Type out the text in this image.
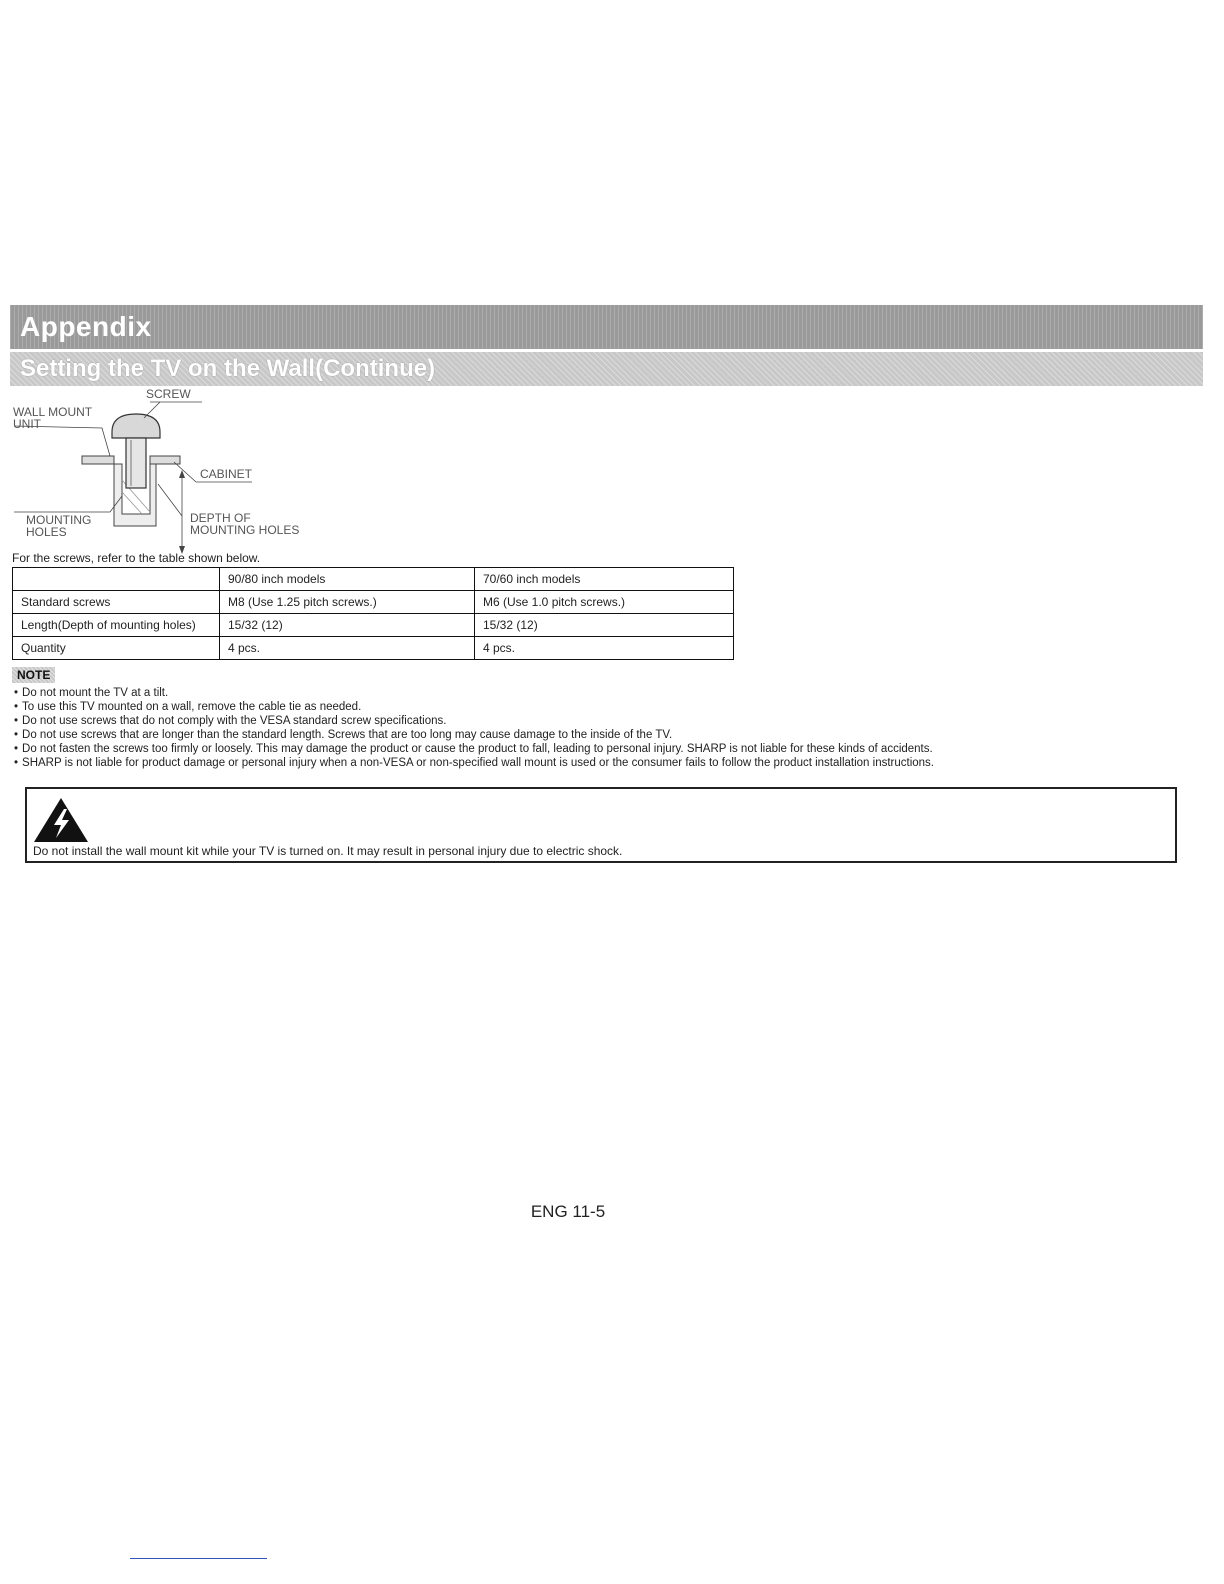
Appendix
Setting the TV on the Wall(Continue)
SCREW
WALL MOUNT
UNIT
CABINET
MOUNTING
HOLES
DEPTH OF
MOUNTING HOLES
For the screws, refer to the table shown below.
	90/80 inch models	70/60 inch models
Standard screws	M8 (Use 1.25 pitch screws.)	M6 (Use 1.0 pitch screws.)
Length(Depth of mounting holes)	15/32 (12)	15/32 (12)
Quantity	4 pcs.	4 pcs.
NOTE
• Do not mount the TV at a tilt.
• To use this TV mounted on a wall, remove the cable tie as needed.
• Do not use screws that do not comply with the VESA standard screw specifications.
• Do not use screws that are longer than the standard length. Screws that are too long may cause damage to the inside of the TV.
• Do not fasten the screws too firmly or loosely. This may damage the product or cause the product to fall, leading to personal injury. SHARP is not liable for these kinds of accidents.
• SHARP is not liable for product damage or personal injury when a non-VESA or non-specified wall mount is used or the consumer fails to follow the product installation instructions.
Do not install the wall mount kit while your TV is turned on. It may result in personal injury due to electric shock.
ENG 11-5
